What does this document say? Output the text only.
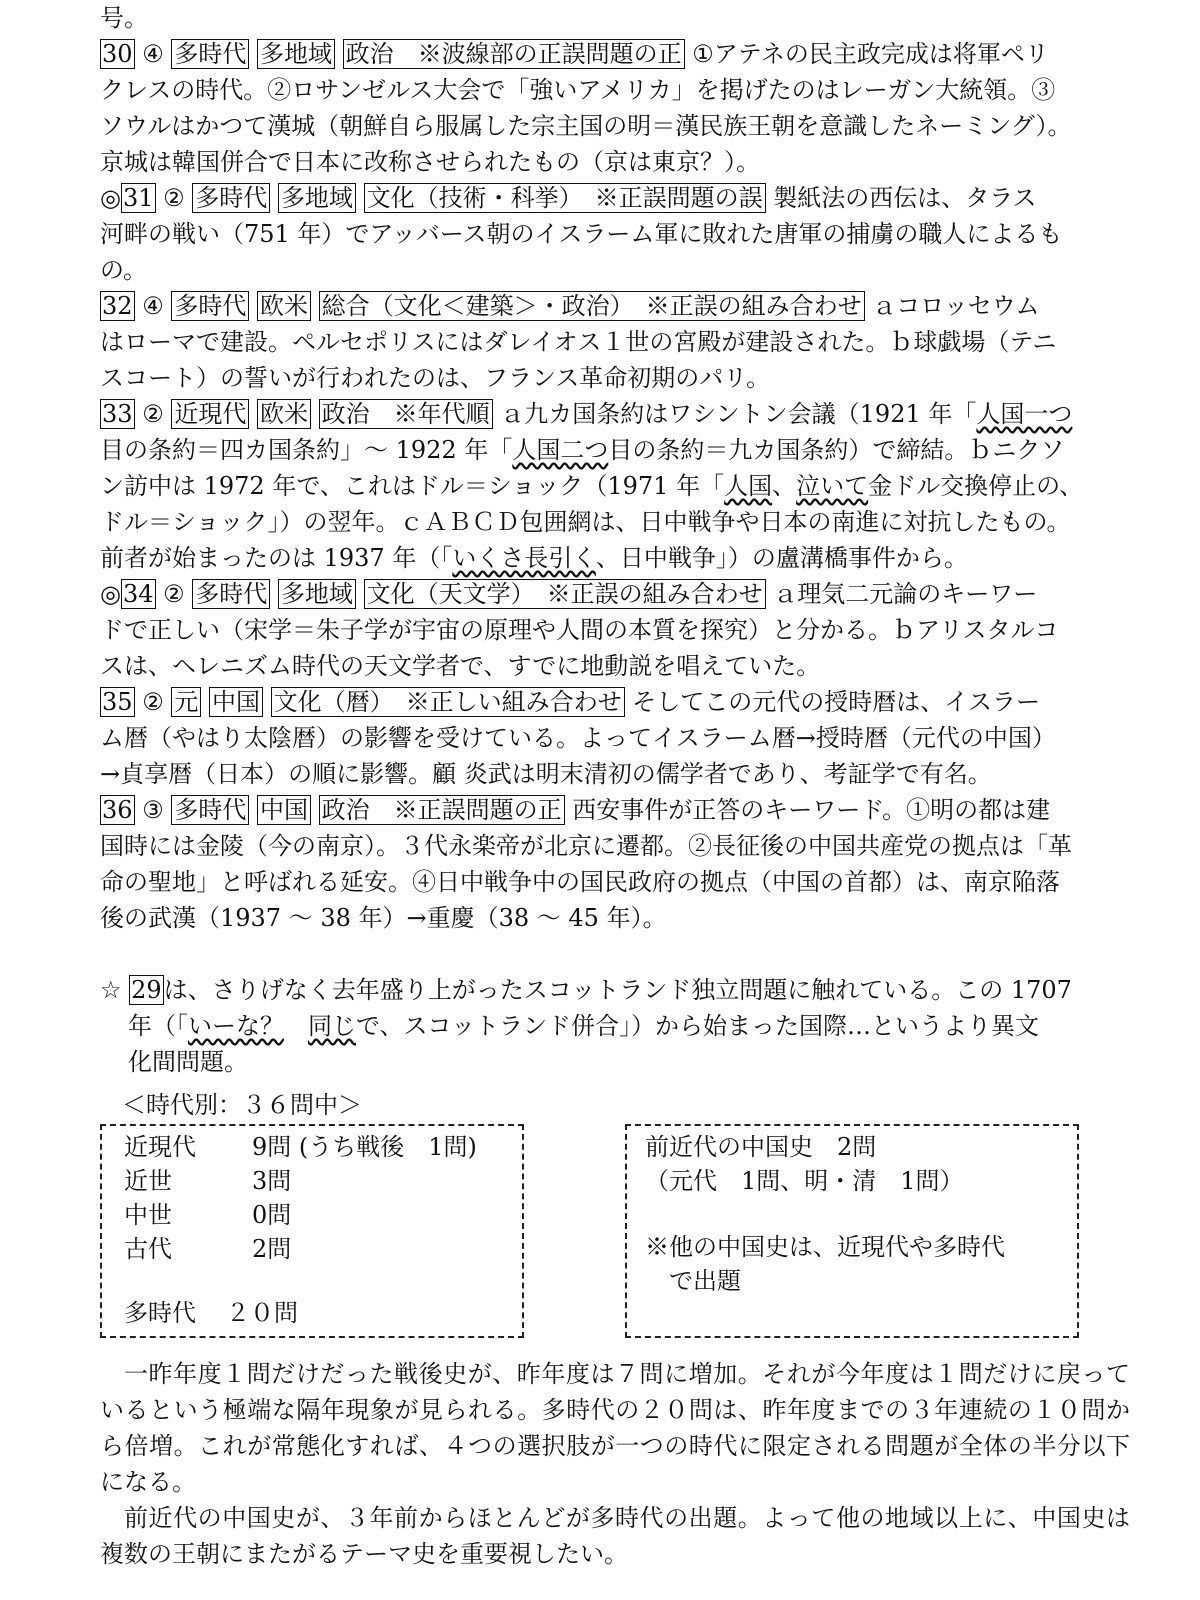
号。

30 ④ 多時代 多地域 政治　※波線部の正誤問題の正 ①アテネの民主政完成は将軍ペリ
クレスの時代。②ロサンゼルス大会で「強いアメリカ」を掲げたのはレーガン大統領。③
ソウルはかつて漢城（朝鮮自ら服属した宗主国の明＝漢民族王朝を意識したネーミング）。
京城は韓国併合で日本に改称させられたもの（京は東京？）。

◎31 ② 多時代 多地域 文化（技術・科挙）　※正誤問題の誤 製紙法の西伝は、タラス
河畔の戦い（751 年）でアッバース朝のイスラーム軍に敗れた唐軍の捕虜の職人によるも
の。

32 ④ 多時代 欧米 総合（文化＜建築＞・政治）　※正誤の組み合わせ ａコロッセウム
はローマで建設。ペルセポリスにはダレイオス１世の宮殿が建設された。ｂ球戯場（テニ
スコート）の誓いが行われたのは、フランス革命初期のパリ。

33 ② 近現代 欧米 政治　※年代順 ａ九カ国条約はワシントン会議（1921 年「人国一つ
目の条約＝四カ国条約」～ 1922 年「人国二つ目の条約＝九カ国条約）で締結。ｂニクソ
ン訪中は 1972 年で、これはドル＝ショック（1971 年「人国、泣いて金ドル交換停止の、
ドル＝ショック」）の翌年。ｃＡＢＣＤ包囲網は、日中戦争や日本の南進に対抗したもの。
前者が始まったのは 1937 年（「いくさ長引く、日中戦争」）の盧溝橋事件から。

◎34 ② 多時代 多地域 文化（天文学）　※正誤の組み合わせ ａ理気二元論のキーワー
ドで正しい（宋学＝朱子学が宇宙の原理や人間の本質を探究）と分かる。ｂアリスタルコ
スは、ヘレニズム時代の天文学者で、すでに地動説を唱えていた。

35 ② 元 中国 文化（暦）　※正しい組み合わせ そしてこの元代の授時暦は、イスラー
ム暦（やはり太陰暦）の影響を受けている。よってイスラーム暦→授時暦（元代の中国）
→貞享暦（日本）の順に影響。顧 炎武は明末清初の儒学者であり、考証学で有名。

36 ③ 多時代 中国 政治　※正誤問題の正 西安事件が正答のキーワード。①明の都は建
国時には金陵（今の南京）。３代永楽帝が北京に遷都。②長征後の中国共産党の拠点は「革
命の聖地」と呼ばれる延安。④日中戦争中の国民政府の拠点（中国の首都）は、南京陥落
後の武漢（1937 ～ 38 年）→重慶（38 ～ 45 年）。

☆ 29は、さりげなく去年盛り上がったスコットランド独立問題に触れている。この 1707
年（「いーな？　 同じで、スコットランド併合」）から始まった国際…というより異文
化間問題。

＜時代別：３６問中＞
近現代 9問 (うち戦後　1問)
近世	3問
中世	0問
古代	2問
多時代 ２０問
前近代の中国史　2問
（元代　1問、明・清　1問）
※他の中国史は、近現代や多時代
で出題

一昨年度１問だけだった戦後史が、昨年度は７問に増加。それが今年度は１問だけに戻っているという極端な隔年現象が見られる。多時代の２０問は、昨年度までの３年連続の１０問から倍増。これが常態化すれば、４つの選択肢が一つの時代に限定される問題が全体の半分以下になる。

前近代の中国史が、３年前からほとんどが多時代の出題。よって他の地域以上に、中国史は複数の王朝にまたがるテーマ史を重要視したい。
